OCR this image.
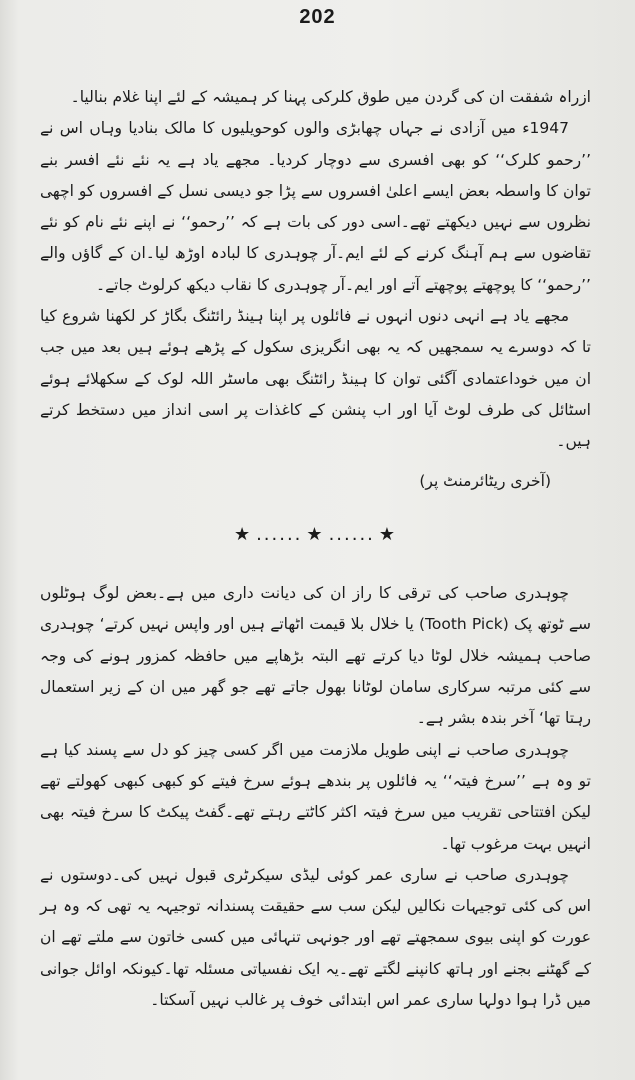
202

ازراہ شفقت ان کی گردن میں طوق کلرکی پہنا کر ہمیشہ کے لئے اپنا غلام بنالیا۔

1947ء میں آزادی نے جہاں چھابڑی والوں کوحویلیوں کا مالک بنادیا وہاں اس نے ’’رحمو کلرک‘‘ کو بھی افسری سے دوچار کردیا۔ مجھے یاد ہے یہ نئے نئے افسر بنے توان کا واسطہ بعض ایسے اعلیٰ افسروں سے پڑا جو دیسی نسل کے افسروں کو اچھی نظروں سے نہیں دیکھتے تھے۔اسی دور کی بات ہے کہ ’’رحمو‘‘ نے اپنے نئے نام کو نئے تقاضوں سے ہم آہنگ کرنے کے لئے ایم۔آر چوہدری کا لبادہ اوڑھ لیا۔ان کے گاؤں والے ’’رحمو‘‘ کا پوچھتے پوچھتے آتے اور ایم۔آر چوہدری کا نقاب دیکھ کرلوٹ جاتے۔

مجھے یاد ہے انہی دنوں انہوں نے فائلوں پر اپنا ہینڈ رائٹنگ بگاڑ کر لکھنا شروع کیا تا کہ دوسرے یہ سمجھیں کہ یہ بھی انگریزی سکول کے پڑھے ہوئے ہیں بعد میں جب ان میں خوداعتمادی آگئی توان کا ہینڈ رائٹنگ بھی ماسٹر اللہ لوک کے سکھلائے ہوئے اسٹائل کی طرف لوٹ آیا اور اب پنشن کے کاغذات پر اسی انداز میں دستخط کرتے ہیں۔

(آخری ریٹائرمنٹ پر)

★ ...... ★ ...... ★

چوہدری صاحب کی ترقی کا راز ان کی دیانت داری میں ہے۔بعض لوگ ہوٹلوں سے ٹوتھ پک (Tooth Pick) یا خلال بلا قیمت اٹھاتے ہیں اور واپس نہیں کرتے‘ چوہدری صاحب ہمیشہ خلال لوٹا دیا کرتے تھے البتہ بڑھاپے میں حافظہ کمزور ہونے کی وجہ سے کئی مرتبہ سرکاری سامان لوٹانا بھول جاتے تھے جو گھر میں ان کے زیر استعمال رہتا تھا‘ آخر بندہ بشر ہے۔

چوہدری صاحب نے اپنی طویل ملازمت میں اگر کسی چیز کو دل سے پسند کیا ہے تو وہ ہے ’’سرخ فیتہ‘‘ یہ فائلوں پر بندھے ہوئے سرخ فیتے کو کبھی کبھی کھولتے تھے لیکن افتتاحی تقریب میں سرخ فیتہ اکثر کاٹتے رہتے تھے۔گفٹ پیکٹ کا سرخ فیتہ بھی انہیں بہت مرغوب تھا۔

چوہدری صاحب نے ساری عمر کوئی لیڈی سیکرٹری قبول نہیں کی۔دوستوں نے اس کی کئی توجیہات نکالیں لیکن سب سے حقیقت پسندانہ توجیہہ یہ تھی کہ وہ ہر عورت کو اپنی بیوی سمجھتے تھے اور جونہی تنہائی میں کسی خاتون سے ملتے تھے ان کے گھٹنے بجنے اور ہاتھ کانپنے لگتے تھے۔یہ ایک نفسیاتی مسئلہ تھا۔کیونکہ اوائل جوانی میں ڈرا ہوا دولہا ساری عمر اس ابتدائی خوف پر غالب نہیں آسکتا۔
